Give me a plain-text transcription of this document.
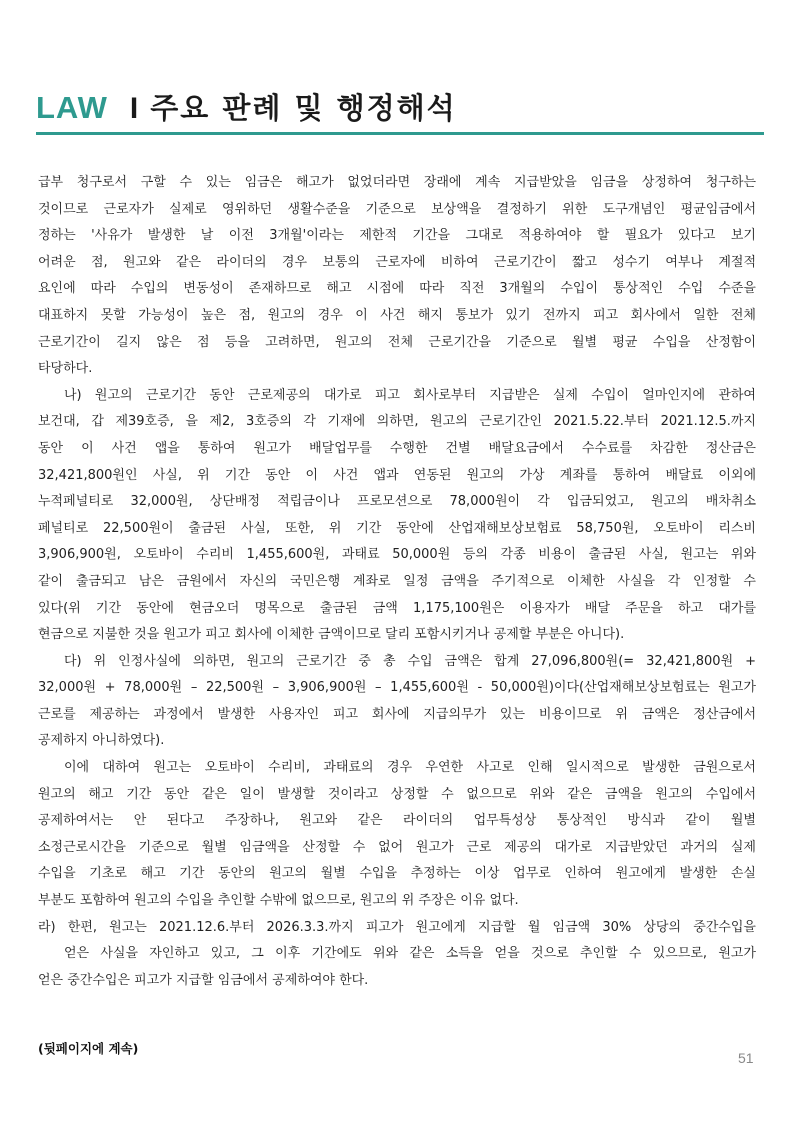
LAW I 주요 판례 및 행정해석
급부 청구로서 구할 수 있는 임금은 해고가 없었더라면 장래에 계속 지급받았을 임금을 상정하여 청구하는
것이므로 근로자가 실제로 영위하던 생활수준을 기준으로 보상액을 결정하기 위한 도구개념인 평균임금에서
정하는 '사유가 발생한 날 이전 3개월'이라는 제한적 기간을 그대로 적용하여야 할 필요가 있다고 보기
어려운 점, 원고와 같은 라이더의 경우 보통의 근로자에 비하여 근로기간이 짧고 성수기 여부나 계절적
요인에 따라 수입의 변동성이 존재하므로 해고 시점에 따라 직전 3개월의 수입이 통상적인 수입 수준을
대표하지 못할 가능성이 높은 점, 원고의 경우 이 사건 해지 통보가 있기 전까지 피고 회사에서 일한 전체
근로기간이 길지 않은 점 등을 고려하면, 원고의 전체 근로기간을 기준으로 월별 평균 수입을 산정함이
타당하다.
나) 원고의 근로기간 동안 근로제공의 대가로 피고 회사로부터 지급받은 실제 수입이 얼마인지에 관하여
보건대, 갑 제39호증, 을 제2, 3호증의 각 기재에 의하면, 원고의 근로기간인 2021.5.22.부터 2021.12.5.까지
동안 이 사건 앱을 통하여 원고가 배달업무를 수행한 건별 배달요금에서 수수료를 차감한 정산금은
32,421,800원인 사실, 위 기간 동안 이 사건 앱과 연동된 원고의 가상 계좌를 통하여 배달료 이외에
누적페널티로 32,000원, 상단배정 적립금이나 프로모션으로 78,000원이 각 입금되었고, 원고의 배차취소
페널티로 22,500원이 출금된 사실, 또한, 위 기간 동안에 산업재해보상보험료 58,750원, 오토바이 리스비
3,906,900원, 오토바이 수리비 1,455,600원, 과태료 50,000원 등의 각종 비용이 출금된 사실, 원고는 위와
같이 출금되고 남은 금원에서 자신의 국민은행 계좌로 일정 금액을 주기적으로 이체한 사실을 각 인정할 수
있다(위 기간 동안에 현금오더 명목으로 출금된 금액 1,175,100원은 이용자가 배달 주문을 하고 대가를
현금으로 지불한 것을 원고가 피고 회사에 이체한 금액이므로 달리 포함시키거나 공제할 부분은 아니다).
다) 위 인정사실에 의하면, 원고의 근로기간 중 총 수입 금액은 합계 27,096,800원(= 32,421,800원 +
32,000원 + 78,000원 – 22,500원 – 3,906,900원 – 1,455,600원 - 50,000원)이다(산업재해보상보험료는 원고가
근로를 제공하는 과정에서 발생한 사용자인 피고 회사에 지급의무가 있는 비용이므로 위 금액은 정산금에서
공제하지 아니하였다).
이에 대하여 원고는 오토바이 수리비, 과태료의 경우 우연한 사고로 인해 일시적으로 발생한 금원으로서
원고의 해고 기간 동안 같은 일이 발생할 것이라고 상정할 수 없으므로 위와 같은 금액을 원고의 수입에서
공제하여서는 안 된다고 주장하나, 원고와 같은 라이더의 업무특성상 통상적인 방식과 같이 월별
소정근로시간을 기준으로 월별 임금액을 산정할 수 없어 원고가 근로 제공의 대가로 지급받았던 과거의 실제
수입을 기초로 해고 기간 동안의 원고의 월별 수입을 추정하는 이상 업무로 인하여 원고에게 발생한 손실
부분도 포함하여 원고의 수입을 추인할 수밖에 없으므로, 원고의 위 주장은 이유 없다.
라) 한편, 원고는 2021.12.6.부터 2026.3.3.까지 피고가 원고에게 지급할 월 임금액 30% 상당의 중간수입을
얻은 사실을 자인하고 있고, 그 이후 기간에도 위와 같은 소득을 얻을 것으로 추인할 수 있으므로, 원고가
얻은 중간수입은 피고가 지급할 임금에서 공제하여야 한다.
(뒷페이지에 계속)
51
